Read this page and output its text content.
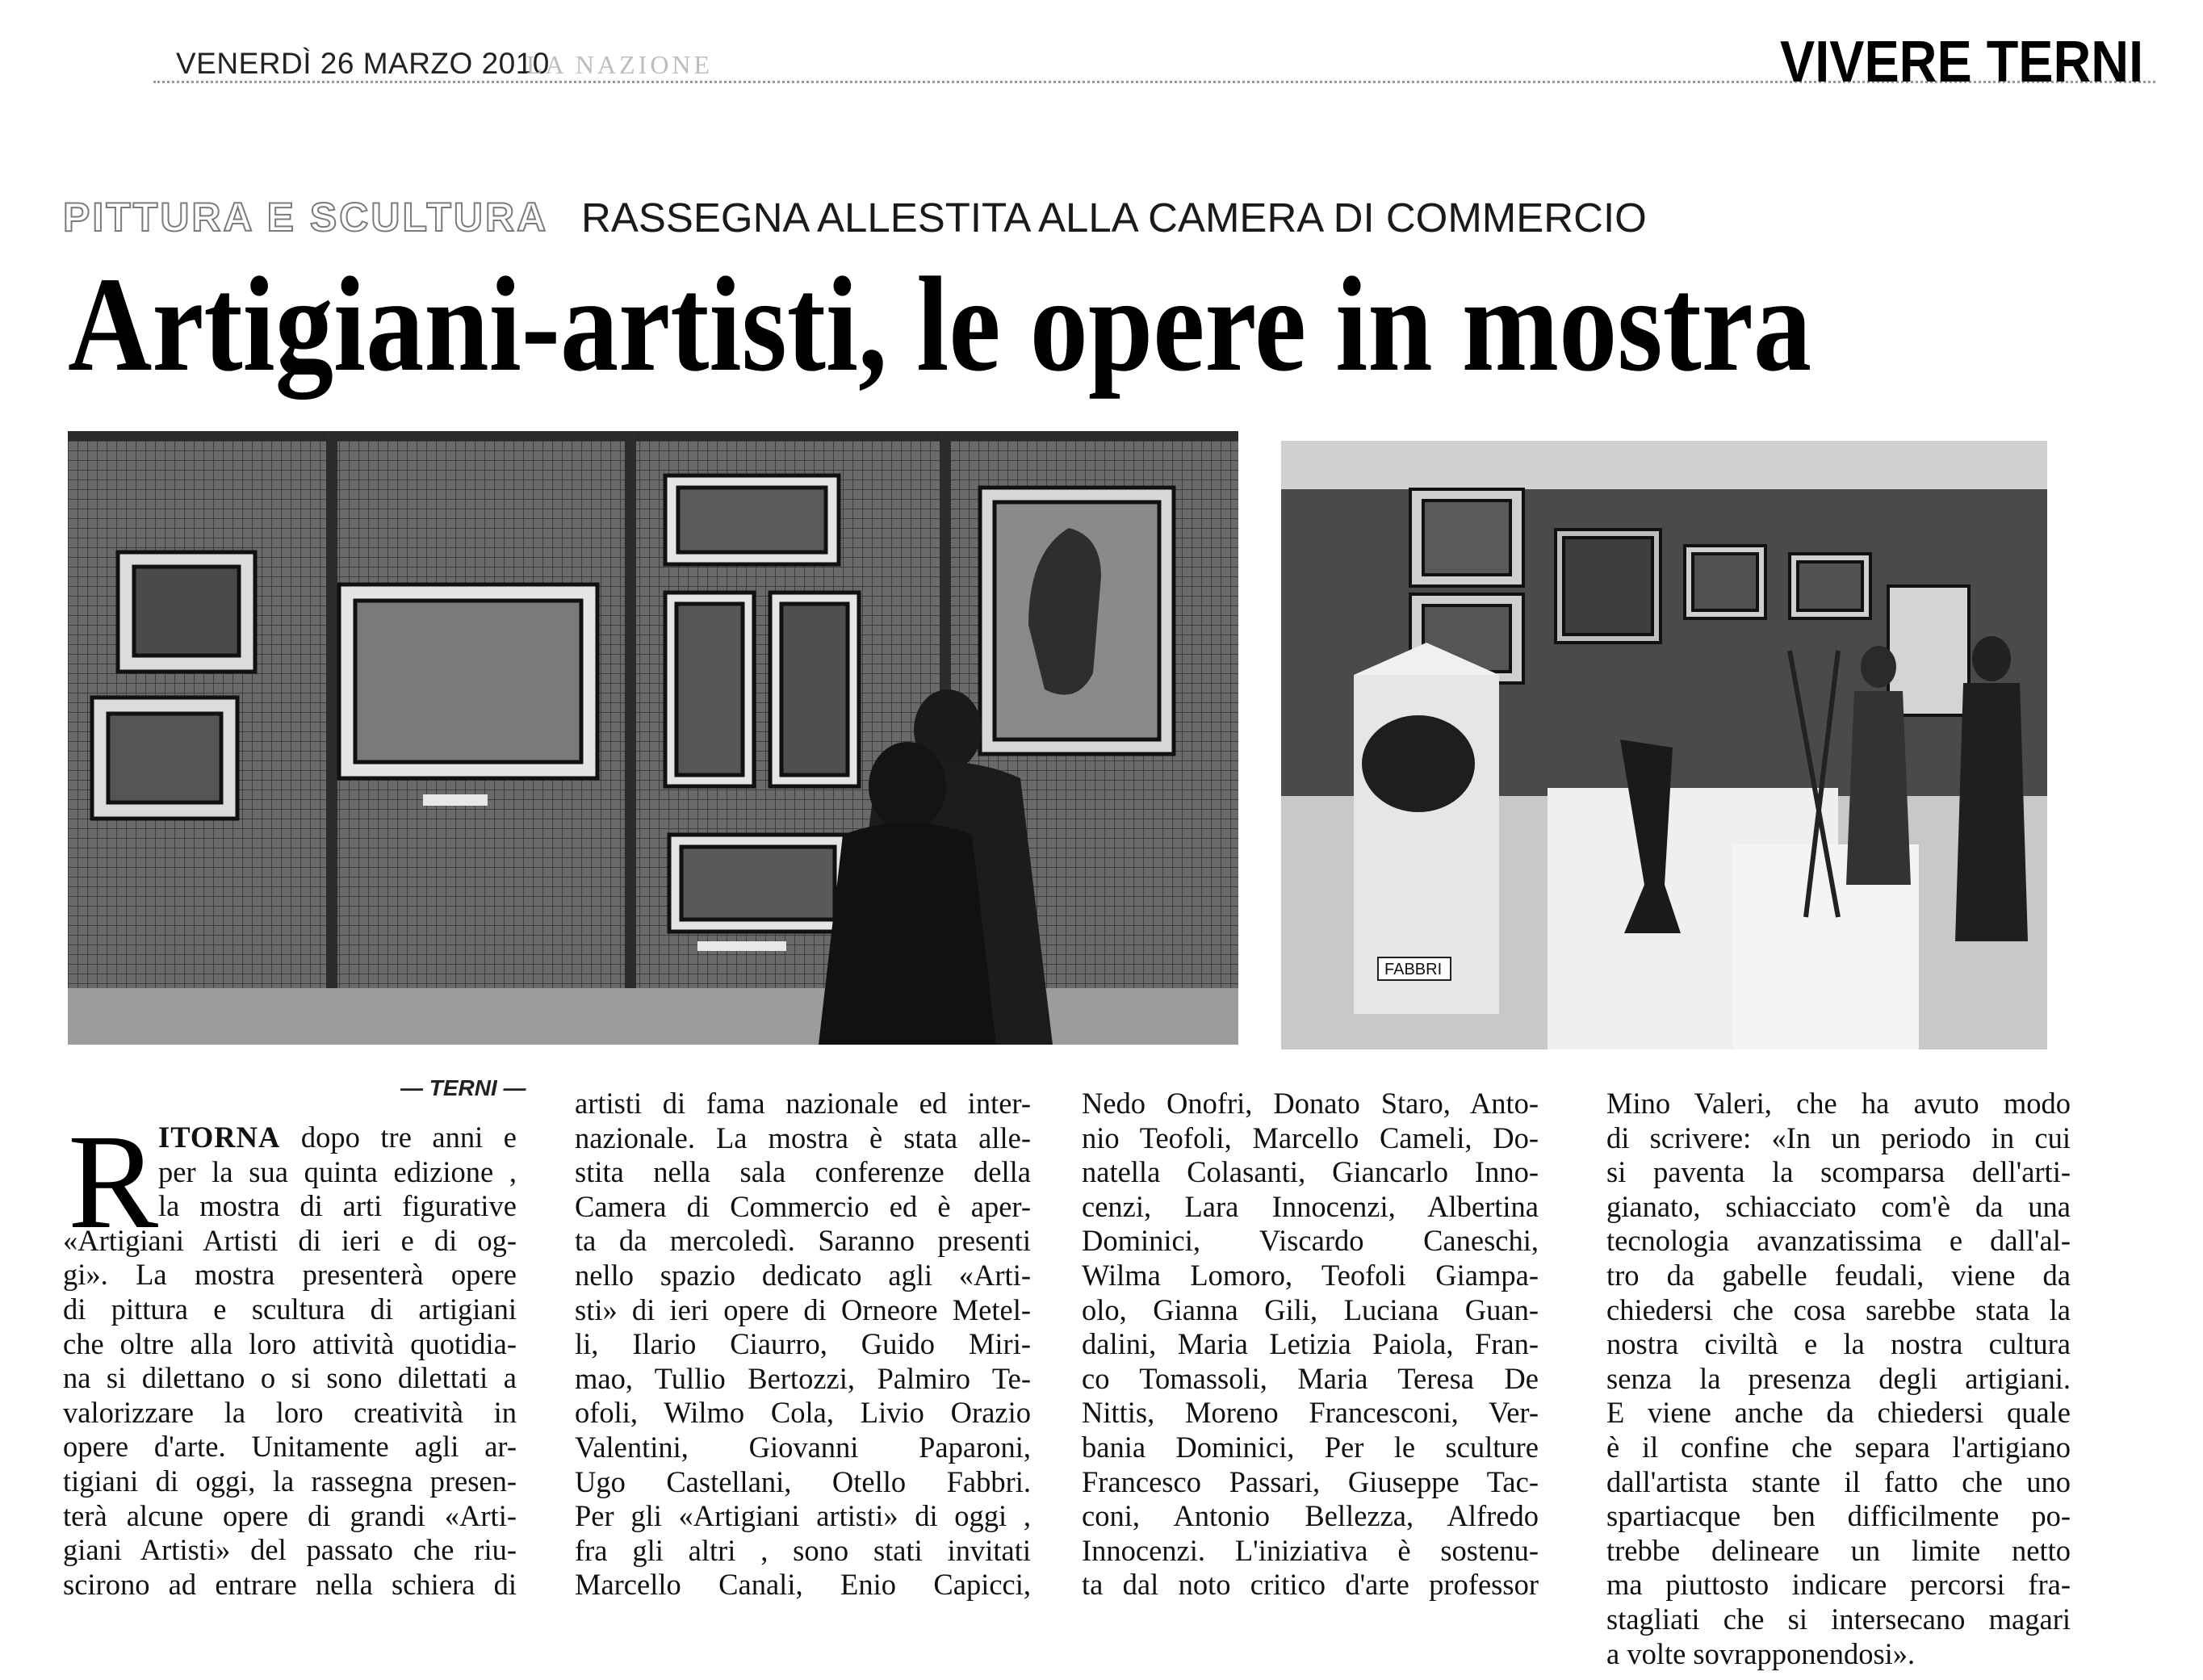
VENERDÌ 26 MARZO 2010
LA NAZIONE	VIVERE TERNI
PITTURA E SCULTURA RASSEGNA ALLESTITA ALLA CAMERA DI COMMERCIO
Artigiani-artisti, le opere in mostra
FABBRI
— TERNI —
R ITORNA dopo tre anni e
per la sua quinta edizione ,
la mostra di arti figurative
«Artigiani Artisti di ieri e di og-
gi». La mostra presenterà opere
di pittura e scultura di artigiani
che oltre alla loro attività quotidia-
na si dilettano o si sono dilettati a
valorizzare la loro creatività in
opere d'arte. Unitamente agli ar-
tigiani di oggi, la rassegna presen-
terà alcune opere di grandi «Arti-
giani Artisti» del passato che riu-
scirono ad entrare nella schiera di
artisti di fama nazionale ed inter-
nazionale. La mostra è stata alle-
stita nella sala conferenze della
Camera di Commercio ed è aper-
ta da mercoledì. Saranno presenti
nello spazio dedicato agli «Arti-
sti» di ieri opere di Orneore Metel-
li, Ilario Ciaurro, Guido Miri-
mao, Tullio Bertozzi, Palmiro Te-
ofoli, Wilmo Cola, Livio Orazio
Valentini, Giovanni Paparoni,
Ugo Castellani, Otello Fabbri.
Per gli «Artigiani artisti» di oggi ,
fra gli altri , sono stati invitati
Marcello Canali, Enio Capicci,
Nedo Onofri, Donato Staro, Anto-
nio Teofoli, Marcello Cameli, Do-
natella Colasanti, Giancarlo Inno-
cenzi, Lara Innocenzi, Albertina
Dominici, Viscardo Caneschi,
Wilma Lomoro, Teofoli Giampa-
olo, Gianna Gili, Luciana Guan-
dalini, Maria Letizia Paiola, Fran-
co Tomassoli, Maria Teresa De
Nittis, Moreno Francesconi, Ver-
bania Dominici, Per le sculture
Francesco Passari, Giuseppe Tac-
coni, Antonio Bellezza, Alfredo
Innocenzi. L'iniziativa è sostenu-
ta dal noto critico d'arte professor
Mino Valeri, che ha avuto modo
di scrivere: «In un periodo in cui
si paventa la scomparsa dell'arti-
gianato, schiacciato com'è da una
tecnologia avanzatissima e dall'al-
tro da gabelle feudali, viene da
chiedersi che cosa sarebbe stata la
nostra civiltà e la nostra cultura
senza la presenza degli artigiani.
E viene anche da chiedersi quale
è il confine che separa l'artigiano
dall'artista stante il fatto che uno
spartiacque ben difficilmente po-
trebbe delineare un limite netto
ma piuttosto indicare percorsi fra-
stagliati che si intersecano magari
a volte sovrapponendosi».
